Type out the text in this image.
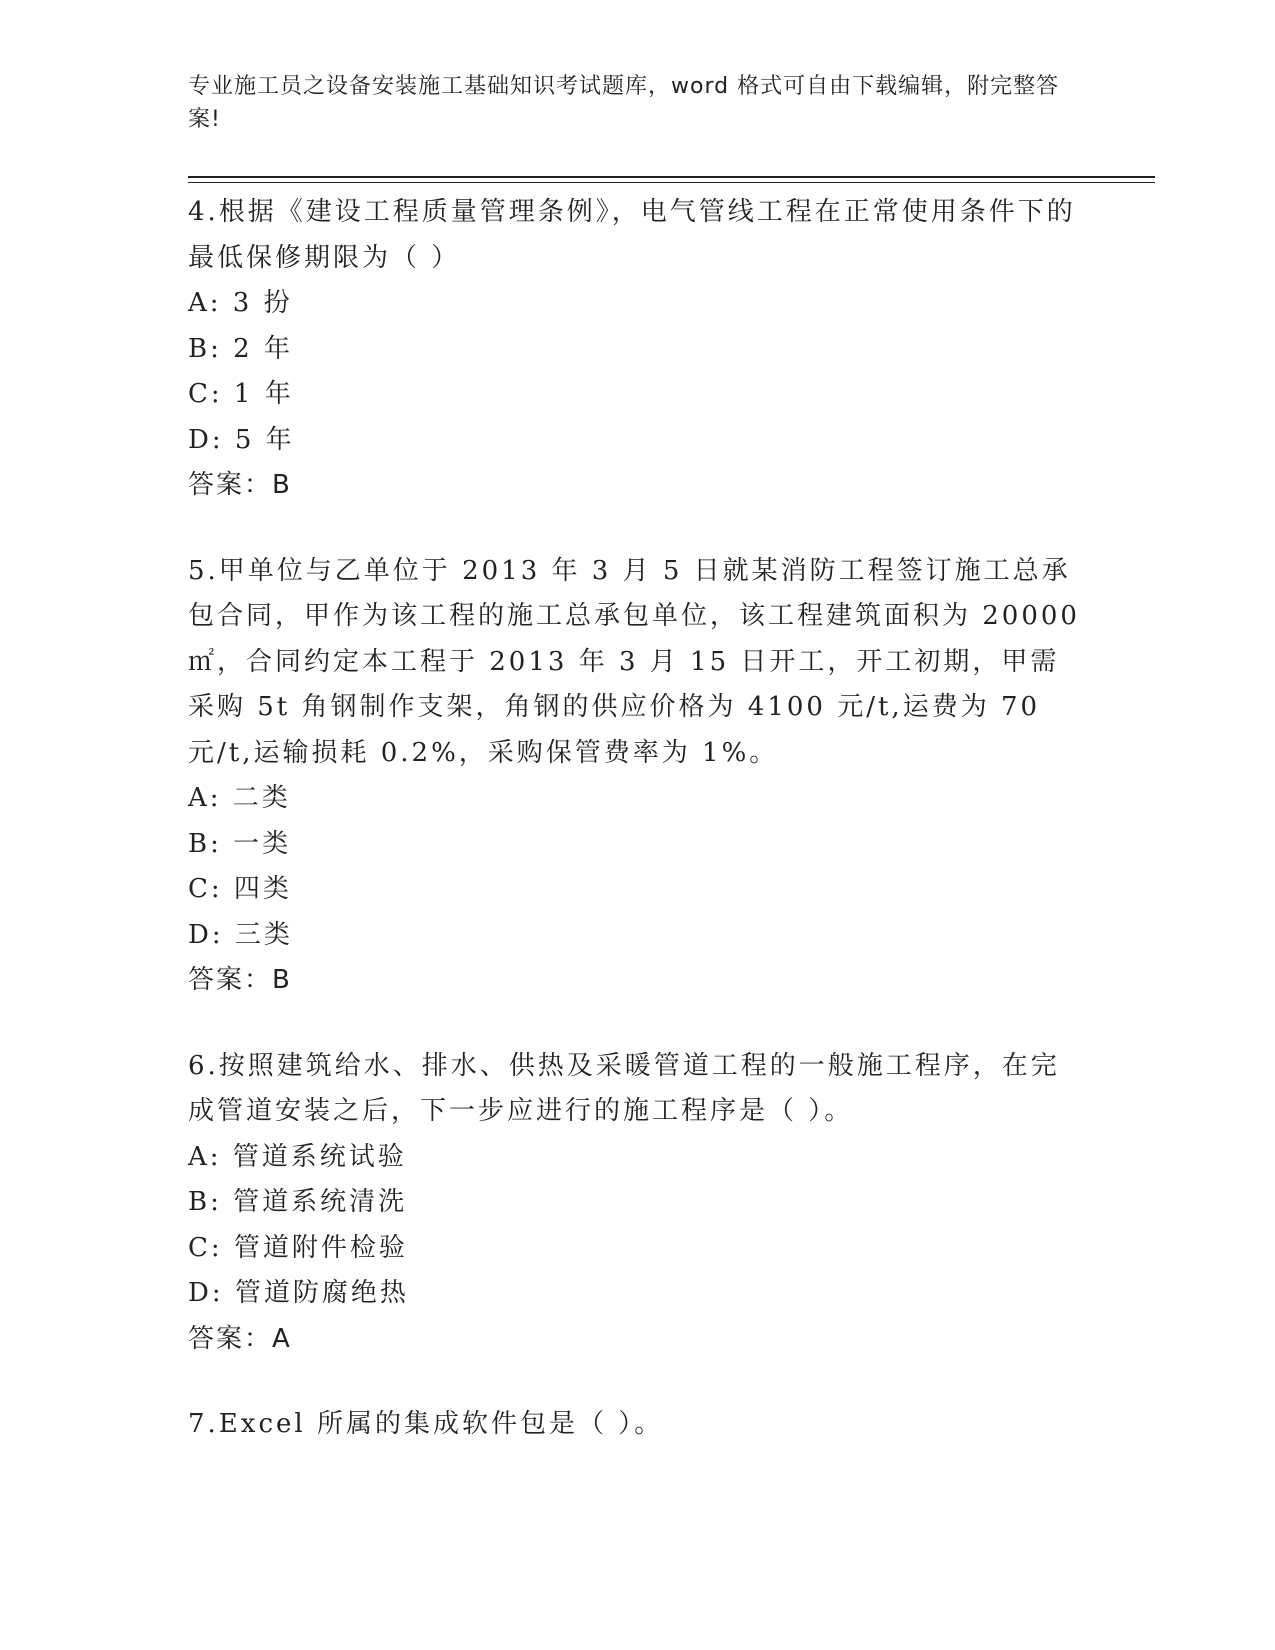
专业施工员之设备安装施工基础知识考试题库，word 格式可自由下载编辑，附完整答案!

4.根据《建设工程质量管理条例》，电气管线工程在正常使用条件下的最低保修期限为（ ）

A: 3 扮

B: 2 年

C: 1 年

D: 5 年

答案：B

5.甲单位与乙单位于 2013 年 3 月 5 日就某消防工程签订施工总承包合同，甲作为该工程的施工总承包单位，该工程建筑面积为 20000㎡，合同约定本工程于 2013 年 3 月 15 日开工，开工初期，甲需采购 5t 角钢制作支架，角钢的供应价格为 4100 元/t,运费为 70 元/t,运输损耗 0.2%，采购保管费率为 1%。

A: 二类

B: 一类

C: 四类

D: 三类

答案：B

6.按照建筑给水、排水、供热及采暖管道工程的一般施工程序，在完成管道安装之后，下一步应进行的施工程序是（ ）。

A: 管道系统试验

B: 管道系统清洗

C: 管道附件检验

D: 管道防腐绝热

答案：A

7.Excel 所属的集成软件包是（ ）。
